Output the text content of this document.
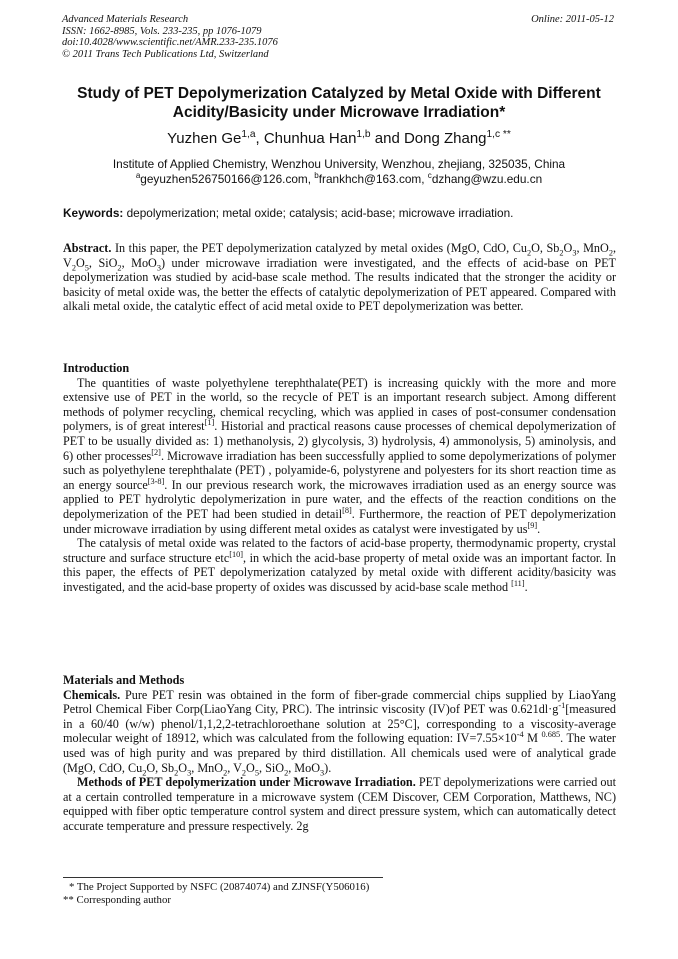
Advanced Materials Research
ISSN: 1662-8985, Vols. 233-235, pp 1076-1079
doi:10.4028/www.scientific.net/AMR.233-235.1076
© 2011 Trans Tech Publications Ltd, Switzerland
Online: 2011-05-12
Study of PET Depolymerization Catalyzed by Metal Oxide with Different
Acidity/Basicity under Microwave Irradiation*
Yuzhen Ge$^{1,a}$, Chunhua Han$^{1,b}$ and Dong Zhang$^{1,c **}$
Institute of Applied Chemistry, Wenzhou University, Wenzhou, zhejiang, 325035, China
$^a$geyuzhen526750166@126.com, $^b$frankhch@163.com, $^c$dzhang@wzu.edu.cn
Keywords: depolymerization; metal oxide; catalysis; acid-base; microwave irradiation.

Abstract. In this paper, the PET depolymerization catalyzed by metal oxides (MgO, CdO, $Cu_2O$, $Sb_2O_3$, MnO$_2$, $V_2O_5$, SiO$_2$, MoO$_3$) under microwave irradiation were investigated, and the effects of acid-base on PET depolymerization was studied by acid-base scale method. The results indicated that the stronger the acidity or basicity of metal oxide was, the better the effects of catalytic depolymerization of PET appeared. Compared with alkali metal oxide, the catalytic effect of acid metal oxide to PET depolymerization was better.

Introduction

The quantities of waste polyethylene terephthalate(PET) is increasing quickly with the more and more extensive use of PET in the world, so the recycle of PET is an important research subject. Among different methods of polymer recycling, chemical recycling, which was applied in cases of post-consumer condensation polymers, is of great interest[1]. Historial and practical reasons cause processes of chemical depolymerization of PET to be usually divided as: 1) methanolysis, 2) glycolysis, 3) hydrolysis, 4) ammonolysis, 5) aminolysis, and 6) other processes[2]. Microwave irradiation has been successfully applied to some depolymerizations of polymer such as polyethylene terephthalate (PET) , polyamide-6, polystyrene and polyesters for its short reaction time as an energy source[3-8]. In our previous research work, the microwaves irradiation used as an energy source was applied to PET hydrolytic depolymerization in pure water, and the effects of the reaction conditions on the depolymerization of the PET had been studied in detail[8]. Furthermore, the reaction of PET depolymerization under microwave irradiation by using different metal oxides as catalyst were investigated by us[9].

The catalysis of metal oxide was related to the factors of acid-base property, thermodynamic property, crystal structure and surface structure etc[10], in which the acid-base property of metal oxide was an important factor. In this paper, the effects of PET depolymerization catalyzed by metal oxide with different acidity/basicity was investigated, and the acid-base property of oxides was discussed by acid-base scale method [11].

Materials and Methods

Chemicals. Pure PET resin was obtained in the form of fiber-grade commercial chips supplied by LiaoYang Petrol Chemical Fiber Corp(LiaoYang City, PRC). The intrinsic viscosity (IV)of PET was $0.621dl\cdot g^{-1}[measured$ in a 60/40 (w/w) phenol/1,1,2,2-tetrachloroethane solution at 25°C], corresponding to a viscosity-average molecular weight of 18912, which was calculated from the following equation: $IV=7.55\times 10^{-4}$ M $^{0.685}$. The water used was of high purity and was prepared by third distillation. All chemicals used were of analytical grade (MgO, CdO, $Cu_2O$, $Sb_2O_3$, MnO$_2$, $V_2O_5$, SiO$_2$, MoO$_3$).

Methods of PET depolymerization under Microwave Irradiation. PET depolymerizations were carried out at a certain controlled temperature in a microwave system (CEM Discover, CEM Corporation, Matthews, NC) equipped with fiber optic temperature control system and direct pressure system, which can automatically detect accurate temperature and pressure respectively. 2g

* The Project Supported by NSFC (20874074) and ZJNSF(Y506016)
** Corresponding author
